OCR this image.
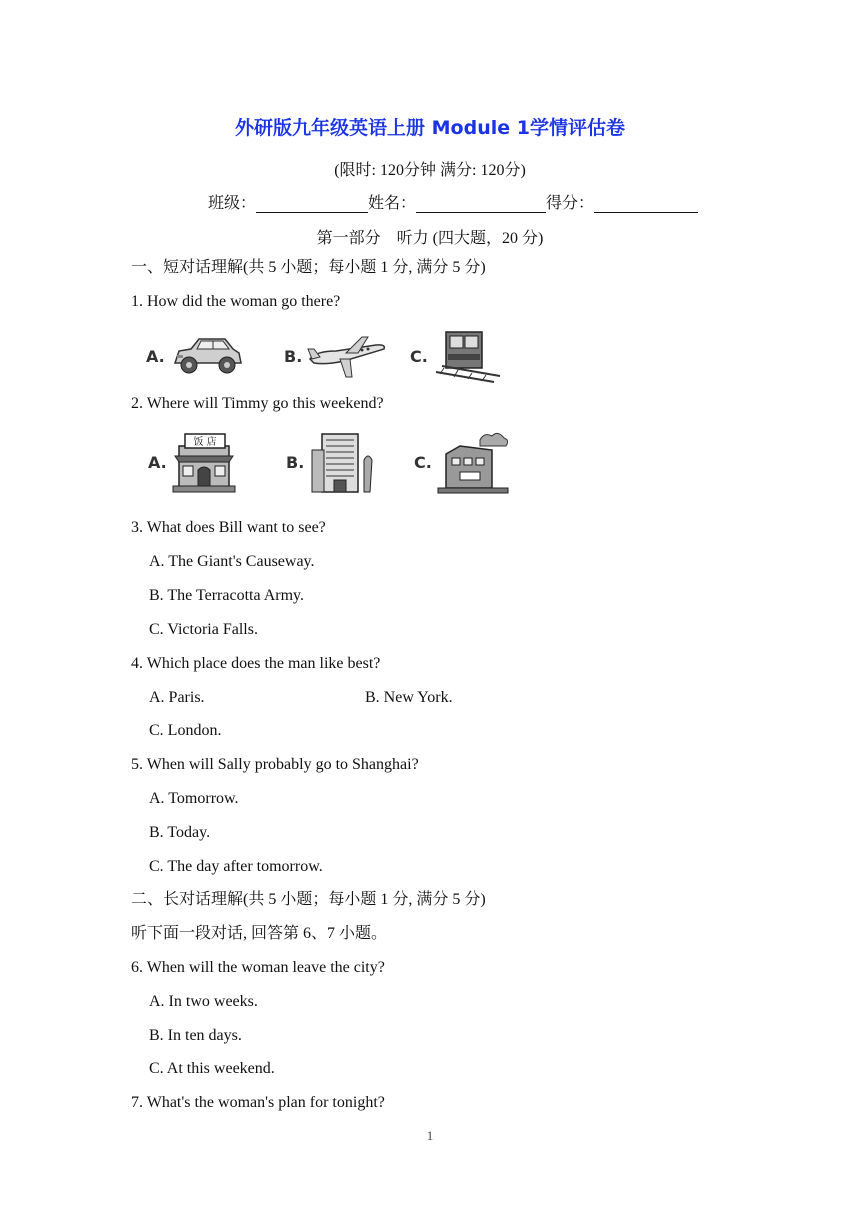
外研版九年级英语上册 Module 1学情评估卷
(限时: 120分钟 满分: 120分)
班级：	姓名：	得分：
第一部分　听力 (四大题，20 分)
一、短对话理解(共 5 小题；每小题 1 分, 满分 5 分)
1. How did the woman go there?
A.	B.	C.
2. Where will Timmy go this weekend?
A.
饭 店
B.	C.
3. What does Bill want to see?
A. The Giant's Causeway.
B. The Terracotta Army.
C. Victoria Falls.
4. Which place does the man like best?
A. Paris.	B. New York.
C. London.
5. When will Sally probably go to Shanghai?
A. Tomorrow.
B. Today.
C. The day after tomorrow.
二、长对话理解(共 5 小题；每小题 1 分, 满分 5 分)
听下面一段对话, 回答第 6、7 小题。
6. When will the woman leave the city?
A. In two weeks.
B. In ten days.
C. At this weekend.
7. What's the woman's plan for tonight?
1
